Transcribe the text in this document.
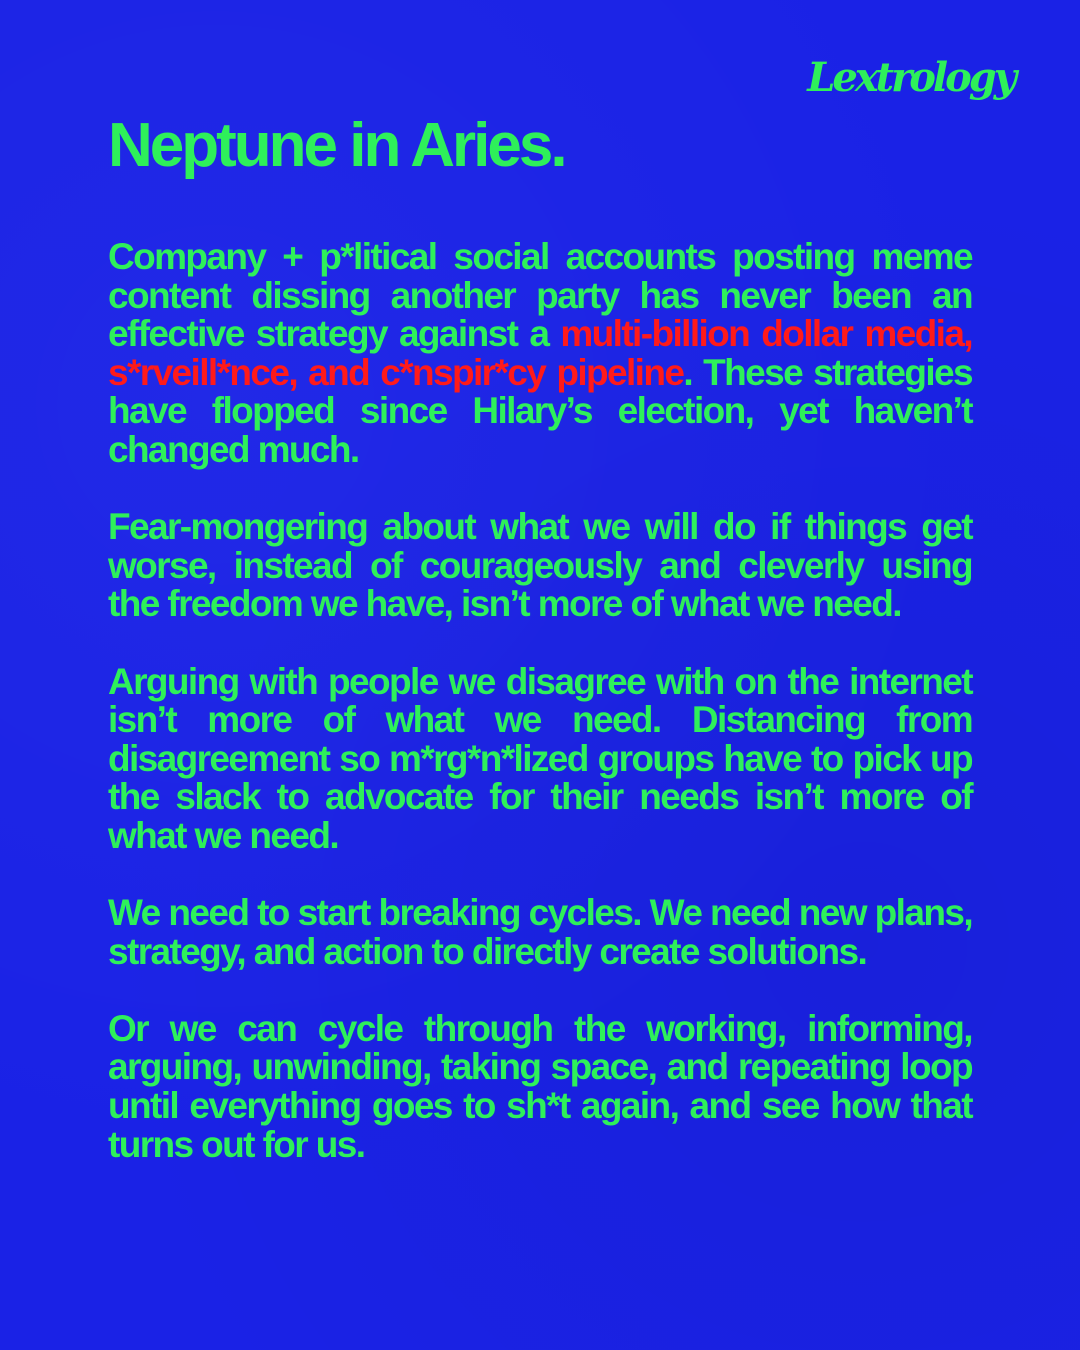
Lextrology
Neptune in Aries.

Company + p*litical social accounts posting meme content dissing another party has never been an effective strategy against a multi-billion dollar media, s*rveill*nce, and c*nspir*cy pipeline. These strategies have flopped since Hilary’s election, yet haven’t changed much.

Fear-mongering about what we will do if things get worse, instead of courageously and cleverly using the freedom we have, isn’t more of what we need.

Arguing with people we disagree with on the internet isn’t more of what we need. Distancing from disagreement so m*rg*n*lized groups have to pick up the slack to advocate for their needs isn’t more of what we need.

We need to start breaking cycles. We need new plans, strategy, and action to directly create solutions.

Or we can cycle through the working, informing, arguing, unwinding, taking space, and repeating loop until everything goes to sh*t again, and see how that turns out for us.
